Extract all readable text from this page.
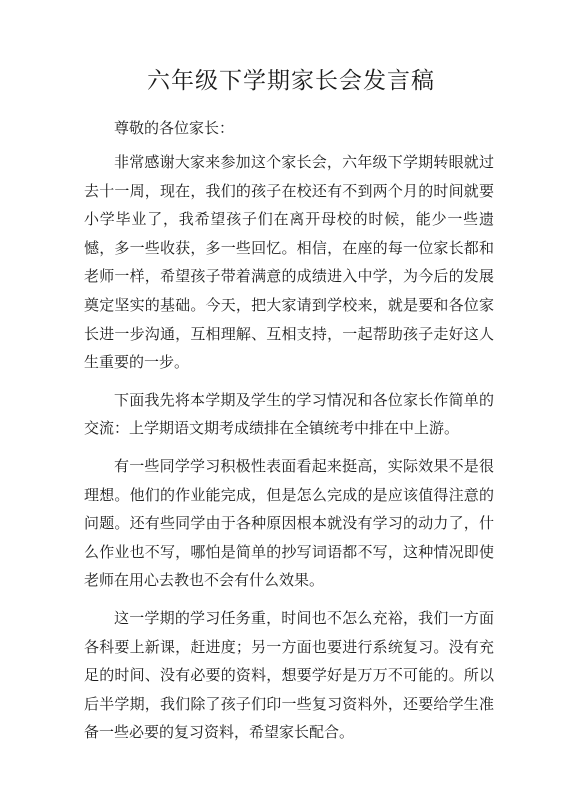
六年级下学期家长会发言稿

尊敬的各位家长：

非常感谢大家来参加这个家长会，六年级下学期转眼就过去十一周，现在，我们的孩子在校还有不到两个月的时间就要小学毕业了，我希望孩子们在离开母校的时候，能少一些遗憾，多一些收获，多一些回忆。相信，在座的每一位家长都和老师一样，希望孩子带着满意的成绩进入中学，为今后的发展奠定坚实的基础。今天，把大家请到学校来，就是要和各位家长进一步沟通，互相理解、互相支持，一起帮助孩子走好这人生重要的一步。

下面我先将本学期及学生的学习情况和各位家长作简单的交流：上学期语文期考成绩排在全镇统考中排在中上游。

有一些同学学习积极性表面看起来挺高，实际效果不是很理想。他们的作业能完成，但是怎么完成的是应该值得注意的问题。还有些同学由于各种原因根本就没有学习的动力了，什么作业也不写，哪怕是简单的抄写词语都不写，这种情况即使老师在用心去教也不会有什么效果。

这一学期的学习任务重，时间也不怎么充裕，我们一方面各科要上新课，赶进度；另一方面也要进行系统复习。没有充足的时间、没有必要的资料，想要学好是万万不可能的。所以后半学期，我们除了孩子们印一些复习资料外，还要给学生准备一些必要的复习资料，希望家长配合。
